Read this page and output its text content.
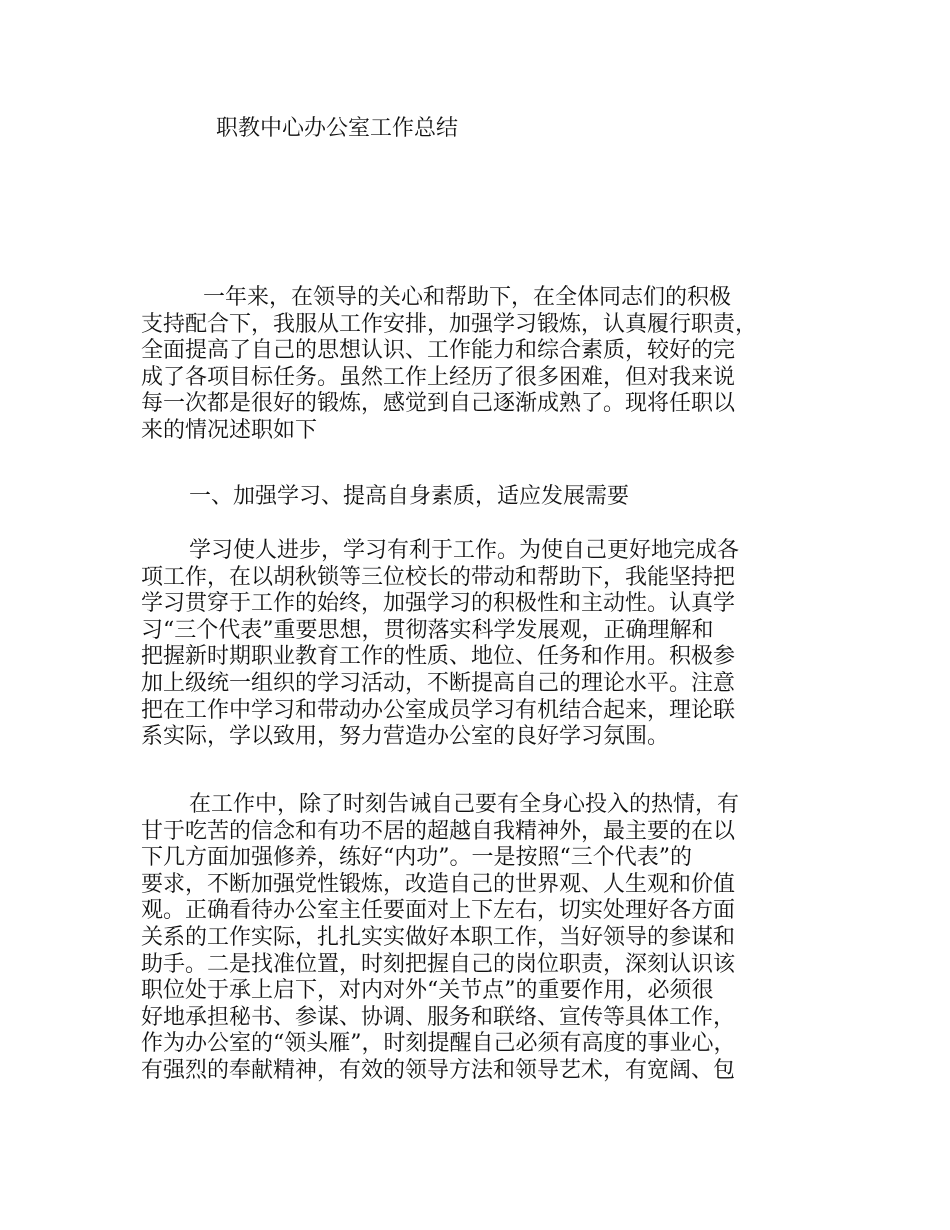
职教中心办公室工作总结
一年来，在领导的关心和帮助下，在全体同志们的积极
支持配合下，我服从工作安排，加强学习锻炼，认真履行职责，
全面提高了自己的思想认识、工作能力和综合素质，较好的完
成了各项目标任务。虽然工作上经历了很多困难，但对我来说
每一次都是很好的锻炼，感觉到自己逐渐成熟了。现将任职以
来的情况述职如下
一、加强学习、提高自身素质，适应发展需要
学习使人进步，学习有利于工作。为使自己更好地完成各
项工作，在以胡秋锁等三位校长的带动和帮助下，我能坚持把
学习贯穿于工作的始终，加强学习的积极性和主动性。认真学
习“三个代表”重要思想，贯彻落实科学发展观，正确理解和
把握新时期职业教育工作的性质、地位、任务和作用。积极参
加上级统一组织的学习活动，不断提高自己的理论水平。注意
把在工作中学习和带动办公室成员学习有机结合起来，理论联
系实际，学以致用，努力营造办公室的良好学习氛围。
在工作中，除了时刻告诫自己要有全身心投入的热情，有
甘于吃苦的信念和有功不居的超越自我精神外，最主要的在以
下几方面加强修养，练好“内功”。一是按照“三个代表”的
要求，不断加强党性锻炼，改造自己的世界观、人生观和价值
观。正确看待办公室主任要面对上下左右，切实处理好各方面
关系的工作实际，扎扎实实做好本职工作，当好领导的参谋和
助手。二是找准位置，时刻把握自己的岗位职责，深刻认识该
职位处于承上启下，对内对外“关节点”的重要作用，必须很
好地承担秘书、参谋、协调、服务和联络、宣传等具体工作，
作为办公室的“领头雁”，时刻提醒自己必须有高度的事业心，
有强烈的奉献精神，有效的领导方法和领导艺术，有宽阔、包
